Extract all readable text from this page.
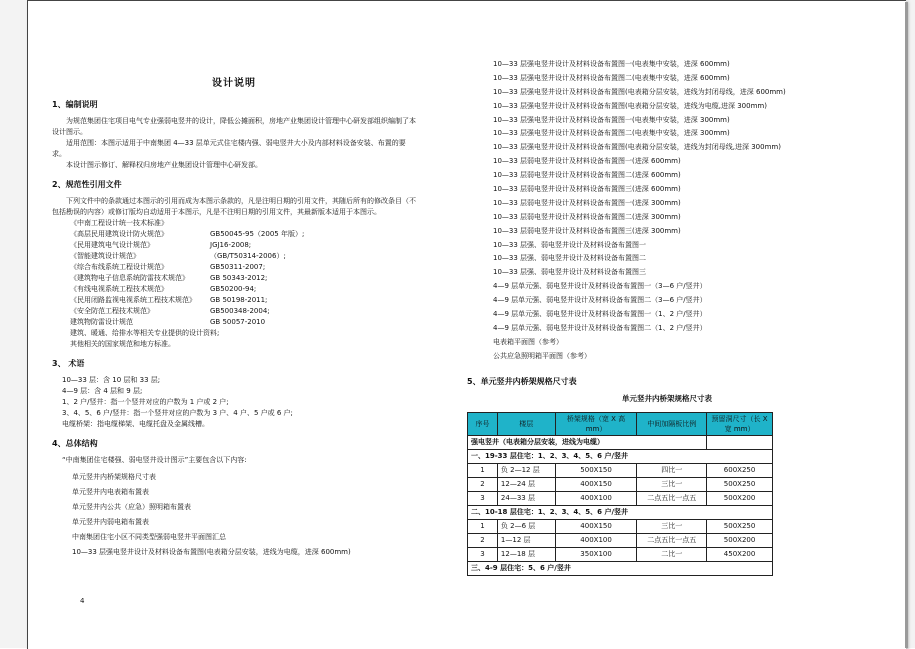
设计说明
1、编制说明

为规范集团住宅项目电气专业强弱电竖井的设计，降低公摊面积，房地产业集团设计管理中心研发部组织编制了本设计图示。

适用范围：本图示适用于中南集团 4—33 层单元式住宅楼内强、弱电竖井大小及内部材料设备安装、布置的要求。

本设计图示修订、解释权归房地产业集团设计管理中心研发部。

2、规范性引用文件

下列文件中的条款通过本图示的引用而成为本图示条款的，凡是注明日期的引用文件，其随后所有的修改条目（不包括勘误的内容）或修订版均自动适用于本图示，凡是不注明日期的引用文件，其最新版本适用于本图示。

《中南工程设计统一技术标准》
《高层民用建筑设计防火规范》	GB50045-95（2005 年版）;
《民用建筑电气设计规范》	JGJ16-2008;
《智能建筑设计规范》	（GB/T50314-2006）;
《综合布线系统工程设计规范》	GB50311-2007;
《建筑物电子信息系统防雷技术规范》	GB 50343-2012;
《有线电视系统工程技术规范》	GB50200-94;
《民用闭路监视电视系统工程技术规范》	GB 50198-2011;
《安全防范工程技术规范》	GB500348-2004;
建筑物防雷设计规范	GB 50057-2010

建筑、暖通、给排水等相关专业提供的设计资料;

其他相关的国家规范和地方标准。

3、 术语

10—33 层：含 10 层和 33 层;

4—9 层：含 4 层和 9 层;

1、2 户/竖井：指一个竖井对应的户数为 1 户或 2 户;

3、4、5、6 户/竖井：指一个竖井对应的户数为 3 户、4 户、5 户或 6 户;

电缆桥架：指电缆梯架、电缆托盘及金属线槽。

4、总体结构

“中南集团住宅楼强、弱电竖井设计图示”主要包含以下内容:

单元竖井内桥架规格尺寸表

单元竖井内电表箱布置表

单元竖井内公共（应急）照明箱布置表

单元竖井内弱电箱布置表

中南集团住宅小区不同类型强弱电竖井平面图汇总

10—33 层强电竖井设计及材料设备布置图(电表箱分层安装，进线为电缆，进深 600mm)

10—33 层强电竖井设计及材料设备布置图一(电表集中安装，进深 600mm)
10—33 层强电竖井设计及材料设备布置图二(电表集中安装，进深 600mm)
10—33 层强电竖井设计及材料设备布置图(电表箱分层安装，进线为封闭母线，进深 600mm)
10—33 层强电竖井设计及材料设备布置图(电表箱分层安装，进线为电缆,进深 300mm)
10—33 层强电竖井设计及材料设备布置图一(电表集中安装，进深 300mm)
10—33 层强电竖井设计及材料设备布置图二(电表集中安装，进深 300mm)
10—33 层强电竖井设计及材料设备布置图(电表箱分层安装，进线为封闭母线,进深 300mm)
10—33 层弱电竖井设计及材料设备布置图一(进深 600mm)
10—33 层弱电竖井设计及材料设备布置图二(进深 600mm)
10—33 层弱电竖井设计及材料设备布置图三(进深 600mm)
10—33 层弱电竖井设计及材料设备布置图一(进深 300mm)
10—33 层弱电竖井设计及材料设备布置图二(进深 300mm)
10—33 层弱电竖井设计及材料设备布置图三(进深 300mm)
10—33 层强、弱电竖井设计及材料设备布置图一
10—33 层强、弱电竖井设计及材料设备布置图二
10—33 层强、弱电竖井设计及材料设备布置图三
4—9 层单元强、弱电竖井设计及材料设备布置图一（3—6 户/竖井）
4—9 层单元强、弱电竖井设计及材料设备布置图二（3—6 户/竖井）
4—9 层单元强、弱电竖井设计及材料设备布置图一（1、2 户/竖井）
4—9 层单元强、弱电竖井设计及材料设备布置图二（1、2 户/竖井）
电表箱平面图（参考）
公共应急照明箱平面图（参考）
5、单元竖井内桥架规格尺寸表
单元竖井内桥架规格尺寸表
序号	楼层	桥架规格（宽 X 高 mm）	中间加隔板比例	预留洞尺寸（长 X 宽 mm）
强电竖井（电表箱分层安装，进线为电缆）				
一、19-33 层住宅：1、2、3、4、5、6 户/竖井				
1	负 2—12 层	500X150	四比一	600X250
2	12—24 层	400X150	三比一	500X250
3	24—33 层	400X100	二点五比一点五	500X200
二、10-18 层住宅：1、2、3、4、5、6 户/竖井				
1	负 2—6 层	400X150	三比一	500X250
2	1—12 层	400X100	二点五比一点五	500X200
3	12—18 层	350X100	二比一	450X200
三、4-9 层住宅：5、6 户/竖井				
4
